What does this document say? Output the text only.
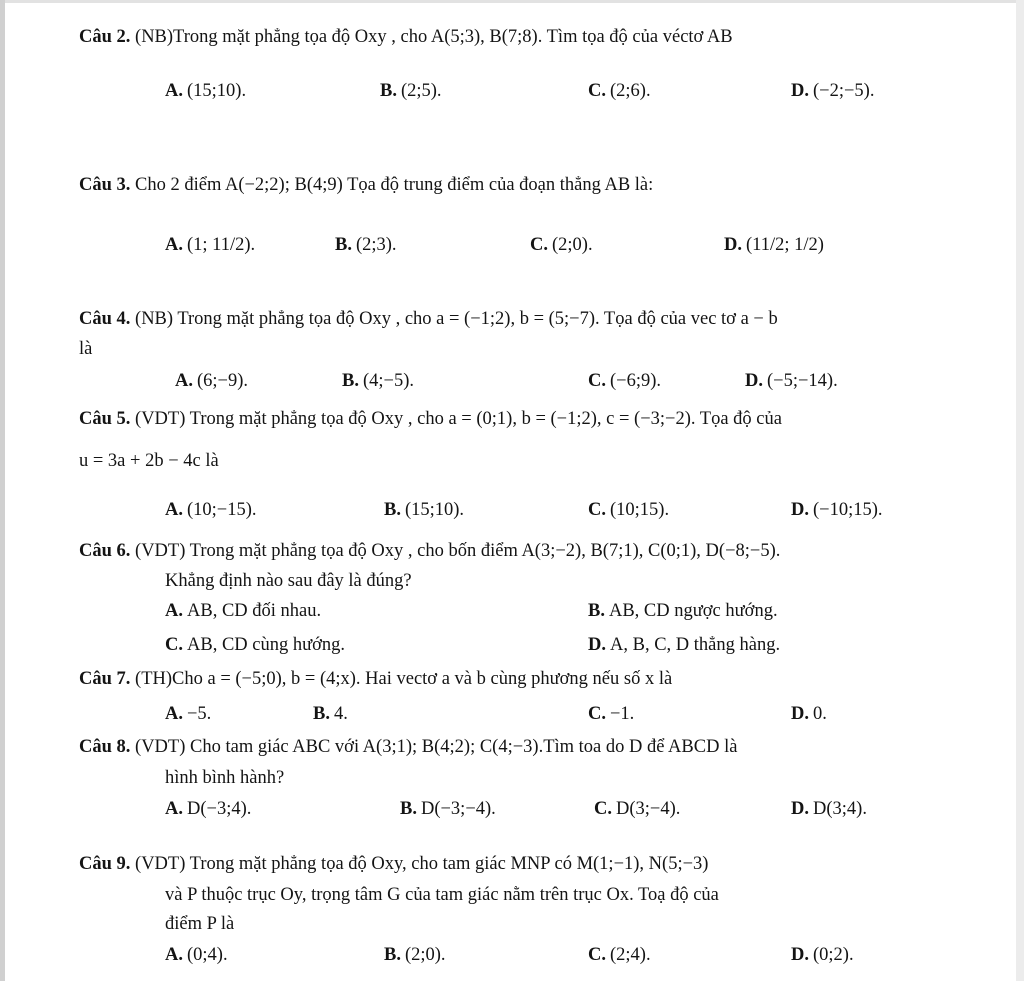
Câu 2. (NB)Trong mặt phẳng tọa độ Oxy , cho A(5;3), B(7;8). Tìm tọa độ của véctơ AB
A. (15;10).	B. (2;5).	C. (2;6).	D. (−2;−5).
Câu 3. Cho 2 điểm A(−2;2); B(4;9) Tọa độ trung điểm của đoạn thẳng AB là:
A. (1; 11/2).	B. (2;3).	C. (2;0).	D. (11/2; 1/2)
Câu 4. (NB) Trong mặt phẳng tọa độ Oxy , cho a = (−1;2), b = (5;−7). Tọa độ của vec tơ a − b
là
A. (6;−9).	B. (4;−5).	C. (−6;9).	D. (−5;−14).
Câu 5. (VDT) Trong mặt phẳng tọa độ Oxy , cho a = (0;1), b = (−1;2), c = (−3;−2). Tọa độ của
u = 3a + 2b − 4c là
A. (10;−15).	B. (15;10).	C. (10;15).	D. (−10;15).
Câu 6. (VDT) Trong mặt phẳng tọa độ Oxy , cho bốn điểm A(3;−2), B(7;1), C(0;1), D(−8;−5).
Khẳng định nào sau đây là đúng?
A. AB, CD đối nhau.	B. AB, CD ngược hướng.
C. AB, CD cùng hướng.	D. A, B, C, D thẳng hàng.
Câu 7. (TH)Cho a = (−5;0), b = (4;x). Hai vectơ a và b cùng phương nếu số x là
A. −5.	B. 4.	C. −1.	D. 0.
Câu 8. (VDT) Cho tam giác ABC với A(3;1); B(4;2); C(4;−3).Tìm toa do D để ABCD là
hình bình hành?
A. D(−3;4).	B. D(−3;−4).	C. D(3;−4).	D. D(3;4).
Câu 9. (VDT) Trong mặt phẳng tọa độ Oxy, cho tam giác MNP có M(1;−1), N(5;−3)
và P thuộc trục Oy, trọng tâm G của tam giác nằm trên trục Ox. Toạ độ của
điểm P là
A. (0;4).	B. (2;0).	C. (2;4).	D. (0;2).
